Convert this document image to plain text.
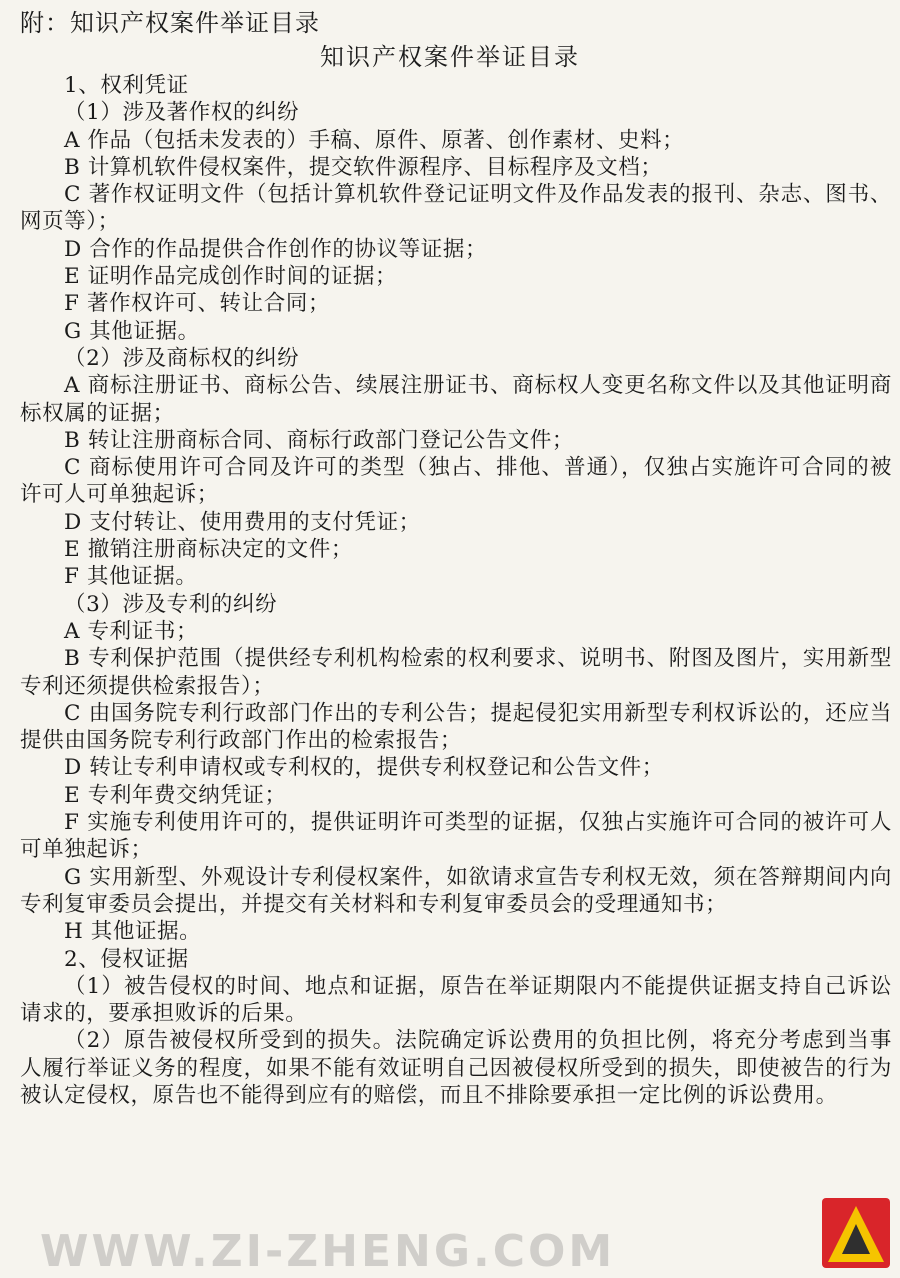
附：知识产权案件举证目录
知识产权案件举证目录

1、权利凭证

（1）涉及著作权的纠纷

A 作品（包括未发表的）手稿、原件、原著、创作素材、史料；

B 计算机软件侵权案件，提交软件源程序、目标程序及文档；

C 著作权证明文件（包括计算机软件登记证明文件及作品发表的报刊、杂志、图书、网页等）；

D 合作的作品提供合作创作的协议等证据；

E 证明作品完成创作时间的证据；

F 著作权许可、转让合同；

G 其他证据。

（2）涉及商标权的纠纷

A 商标注册证书、商标公告、续展注册证书、商标权人变更名称文件以及其他证明商标权属的证据；

B 转让注册商标合同、商标行政部门登记公告文件；

C 商标使用许可合同及许可的类型（独占、排他、普通），仅独占实施许可合同的被许可人可单独起诉；

D 支付转让、使用费用的支付凭证；

E 撤销注册商标决定的文件；

F 其他证据。

（3）涉及专利的纠纷

A 专利证书；

B 专利保护范围（提供经专利机构检索的权利要求、说明书、附图及图片，实用新型专利还须提供检索报告）；

C 由国务院专利行政部门作出的专利公告；提起侵犯实用新型专利权诉讼的，还应当提供由国务院专利行政部门作出的检索报告；

D 转让专利申请权或专利权的，提供专利权登记和公告文件；

E 专利年费交纳凭证；

F 实施专利使用许可的，提供证明许可类型的证据，仅独占实施许可合同的被许可人可单独起诉；

G 实用新型、外观设计专利侵权案件，如欲请求宣告专利权无效，须在答辩期间内向专利复审委员会提出，并提交有关材料和专利复审委员会的受理通知书；

H 其他证据。

2、侵权证据

（1）被告侵权的时间、地点和证据，原告在举证期限内不能提供证据支持自己诉讼请求的，要承担败诉的后果。

（2）原告被侵权所受到的损失。法院确定诉讼费用的负担比例，将充分考虑到当事人履行举证义务的程度，如果不能有效证明自己因被侵权所受到的损失，即使被告的行为被认定侵权，原告也不能得到应有的赔偿，而且不排除要承担一定比例的诉讼费用。

WWW.ZI-ZHENG.COM
